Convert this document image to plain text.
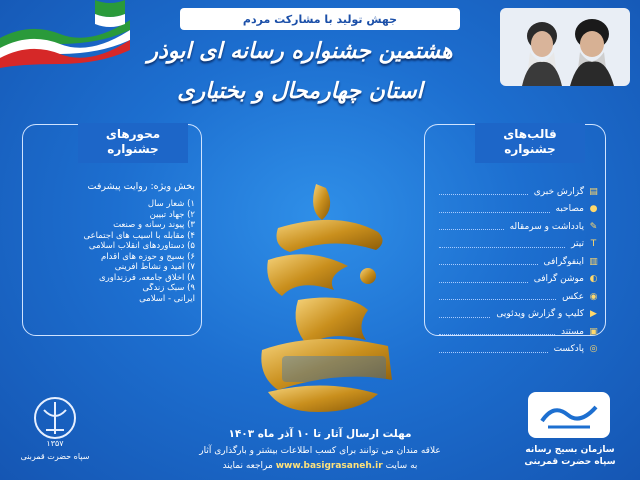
جهش تولید با مشارکت مردم
هشتمین جشنواره رسانه ای ابوذر
استان چهارمحال و بختیاری
محورهای
جشنواره
بخش ویژه: روایت پیشرفت
۱) شعار سال
۲) جهاد تبیین
۳) پیوند رسانه و صنعت
۴) مقابله با آسیب های اجتماعی
۵) دستاوردهای انقلاب اسلامی
۶) بسیج و حوزه های اقدام
۷) امید و نشاط آفرینی
۸) اخلاق جامعه، فرزندآوری
۹) سبک زندگی
ایرانی - اسلامی
قالب‌های
جشنواره
گزارش خبری ▤
مصاحبه ●
یادداشت و سرمقاله ✎
تیتر T
اینفوگرافی ▥
موشن گرافی ◐
عکس ◉
کلیپ و گزارش ویدئویی ▶
مستند ▣
پادکست ◎
مهلت ارسال آثار تا ۱۰ آذر ماه ۱۴۰۳
علاقه مندان می توانند برای کسب اطلاعات بیشتر و بارگذاری آثار
به سایت www.basigrasaneh.ir مراجعه نمایند
۱۳۵۷
سپاه حضرت قمربنی
سازمان بسیج رسانه
سپاه حضرت قمربنی
